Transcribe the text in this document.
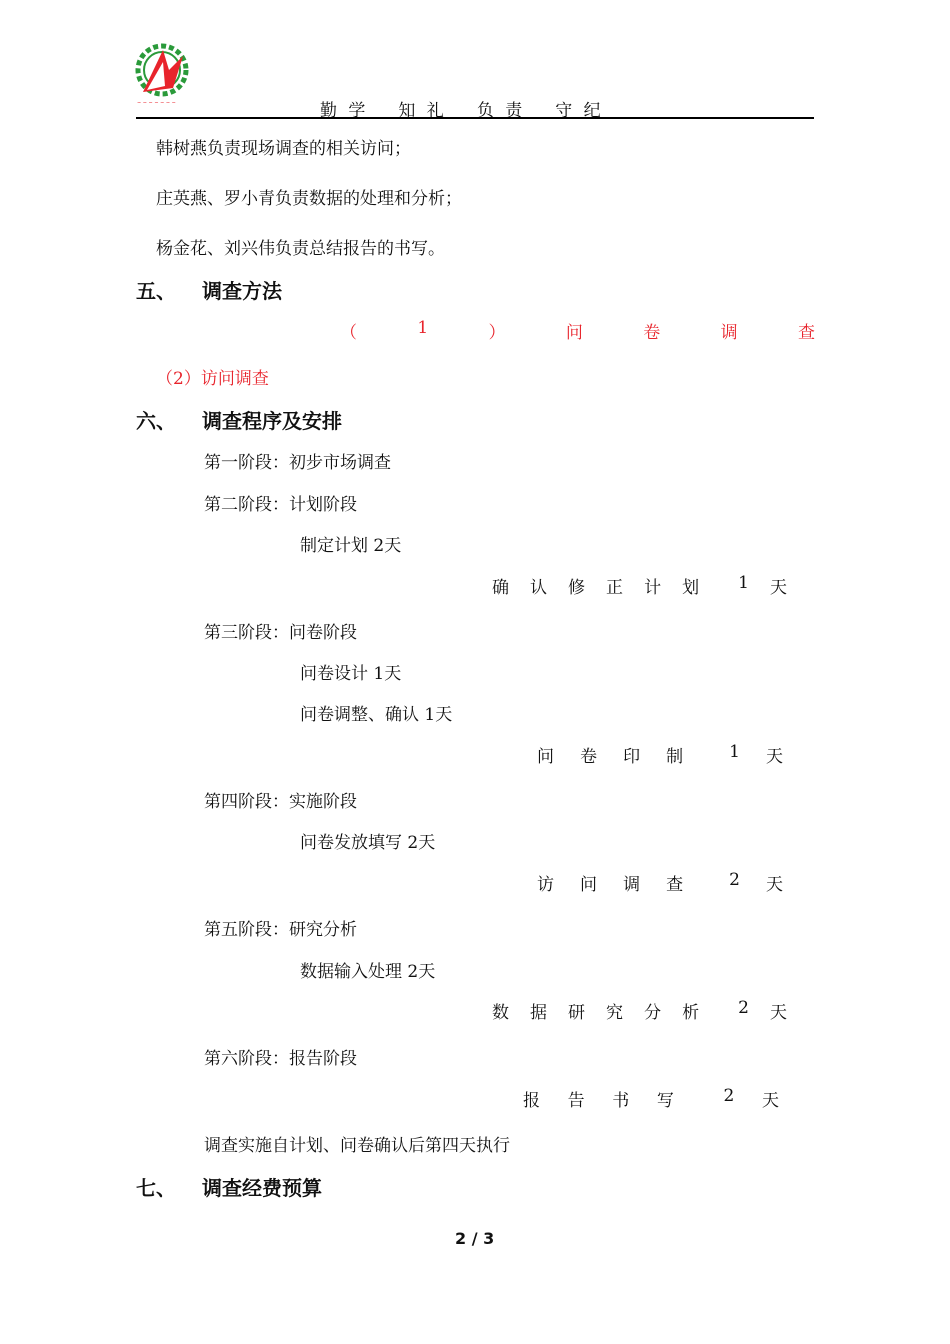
~ ~ ~ ~ ~ ~ ~	勤 学 知 礼 负 责 守 纪
韩树燕负责现场调查的相关访问；
庄英燕、罗小青负责数据的处理和分析；
杨金花、刘兴伟负责总结报告的书写。
五、 调查方法
（	1	）	问	卷	调	查
（2）访问调查
六、 调查程序及安排
第一阶段：初步市场调查
第二阶段：计划阶段
制定计划 2天
确 认 修 正 计 划 1 天
第三阶段：问卷阶段
问卷设计 1天
问卷调整、确认 1天
问 卷 印 制	1 天
第四阶段：实施阶段
问卷发放填写 2天
访 问 调 查	2 天
第五阶段：研究分析
数据输入处理 2天
数 据 研 究 分 析 2 天
第六阶段：报告阶段
报 告 书 写	2 天
调查实施自计划、问卷确认后第四天执行
七、 调查经费预算
2 / 3
